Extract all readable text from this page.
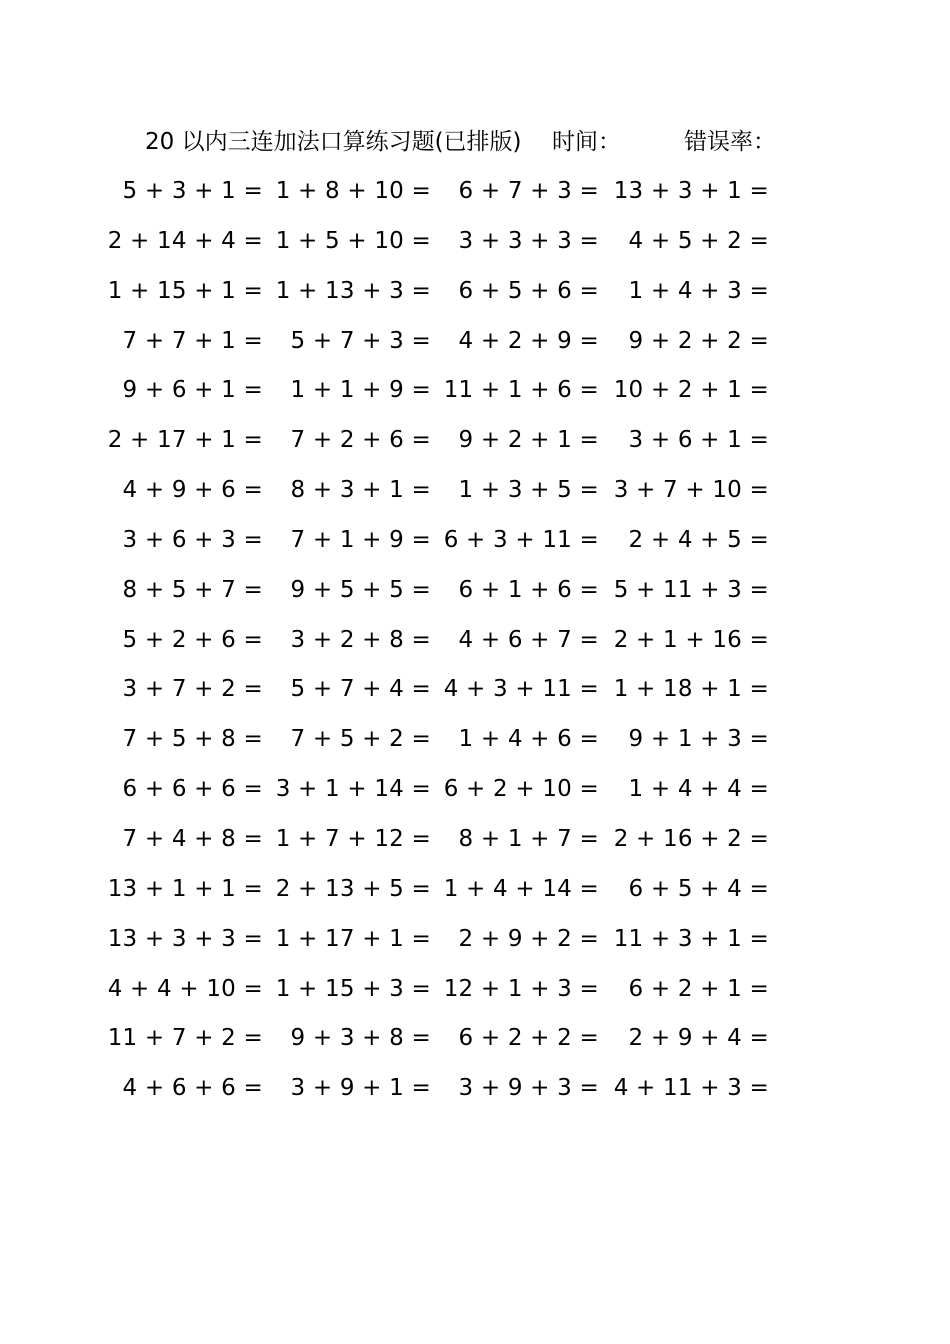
20 以内三连加法口算练习题(已排版) 时间：	错误率：
5 + 3 + 1 = 1 + 8 + 10 =	6 + 7 + 3 = 13 + 3 + 1 =
2 + 14 + 4 = 1 + 5 + 10 =	3 + 3 + 3 =	4 + 5 + 2 =
1 + 15 + 1 = 1 + 13 + 3 =	6 + 5 + 6 =	1 + 4 + 3 =
7 + 7 + 1 =	5 + 7 + 3 =	4 + 2 + 9 =	9 + 2 + 2 =
9 + 6 + 1 =	1 + 1 + 9 = 11 + 1 + 6 = 10 + 2 + 1 =
2 + 17 + 1 =	7 + 2 + 6 =	9 + 2 + 1 =	3 + 6 + 1 =
4 + 9 + 6 =	8 + 3 + 1 =	1 + 3 + 5 = 3 + 7 + 10 =
3 + 6 + 3 =	7 + 1 + 9 = 6 + 3 + 11 =	2 + 4 + 5 =
8 + 5 + 7 =	9 + 5 + 5 =	6 + 1 + 6 = 5 + 11 + 3 =
5 + 2 + 6 =	3 + 2 + 8 =	4 + 6 + 7 = 2 + 1 + 16 =
3 + 7 + 2 =	5 + 7 + 4 = 4 + 3 + 11 = 1 + 18 + 1 =
7 + 5 + 8 =	7 + 5 + 2 =	1 + 4 + 6 =	9 + 1 + 3 =
6 + 6 + 6 = 3 + 1 + 14 = 6 + 2 + 10 =	1 + 4 + 4 =
7 + 4 + 8 = 1 + 7 + 12 =	8 + 1 + 7 = 2 + 16 + 2 =
13 + 1 + 1 = 2 + 13 + 5 = 1 + 4 + 14 =	6 + 5 + 4 =
13 + 3 + 3 = 1 + 17 + 1 =	2 + 9 + 2 = 11 + 3 + 1 =
4 + 4 + 10 = 1 + 15 + 3 = 12 + 1 + 3 =	6 + 2 + 1 =
11 + 7 + 2 =	9 + 3 + 8 =	6 + 2 + 2 =	2 + 9 + 4 =
4 + 6 + 6 =	3 + 9 + 1 =	3 + 9 + 3 = 4 + 11 + 3 =
